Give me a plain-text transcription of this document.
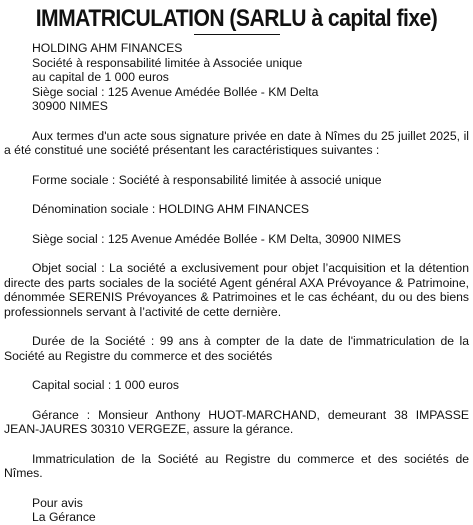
IMMATRICULATION (SARLU à capital fixe)
HOLDING AHM FINANCES
Société à responsabilité limitée à Associée unique
au capital de 1 000 euros
Siège social : 125 Avenue Amédée Bollée - KM Delta
30900 NIMES

Aux termes d'un acte sous signature privée en date à Nîmes du 25 juillet 2025, il a été constitué une société présentant les caractéristiques suivantes :

Forme sociale : Société à responsabilité limitée à associé unique

Dénomination sociale : HOLDING AHM FINANCES

Siège social : 125 Avenue Amédée Bollée - KM Delta, 30900 NIMES

Objet social : La société a exclusivement pour objet l’acquisition et la détention directe des parts sociales de la société Agent général AXA Prévoyance & Patrimoine, dénommée SERENIS Prévoyances & Patrimoines et le cas échéant, du ou des biens professionnels servant à l’activité de cette dernière.

Durée de la Société : 99 ans à compter de la date de l'immatriculation de la Société au Registre du commerce et des sociétés

Capital social : 1 000 euros

Gérance : Monsieur Anthony HUOT-MARCHAND, demeurant 38 IMPASSE JEAN-JAURES 30310 VERGEZE, assure la gérance.

Immatriculation de la Société au Registre du commerce et des sociétés de Nîmes.

Pour avis
La Gérance
